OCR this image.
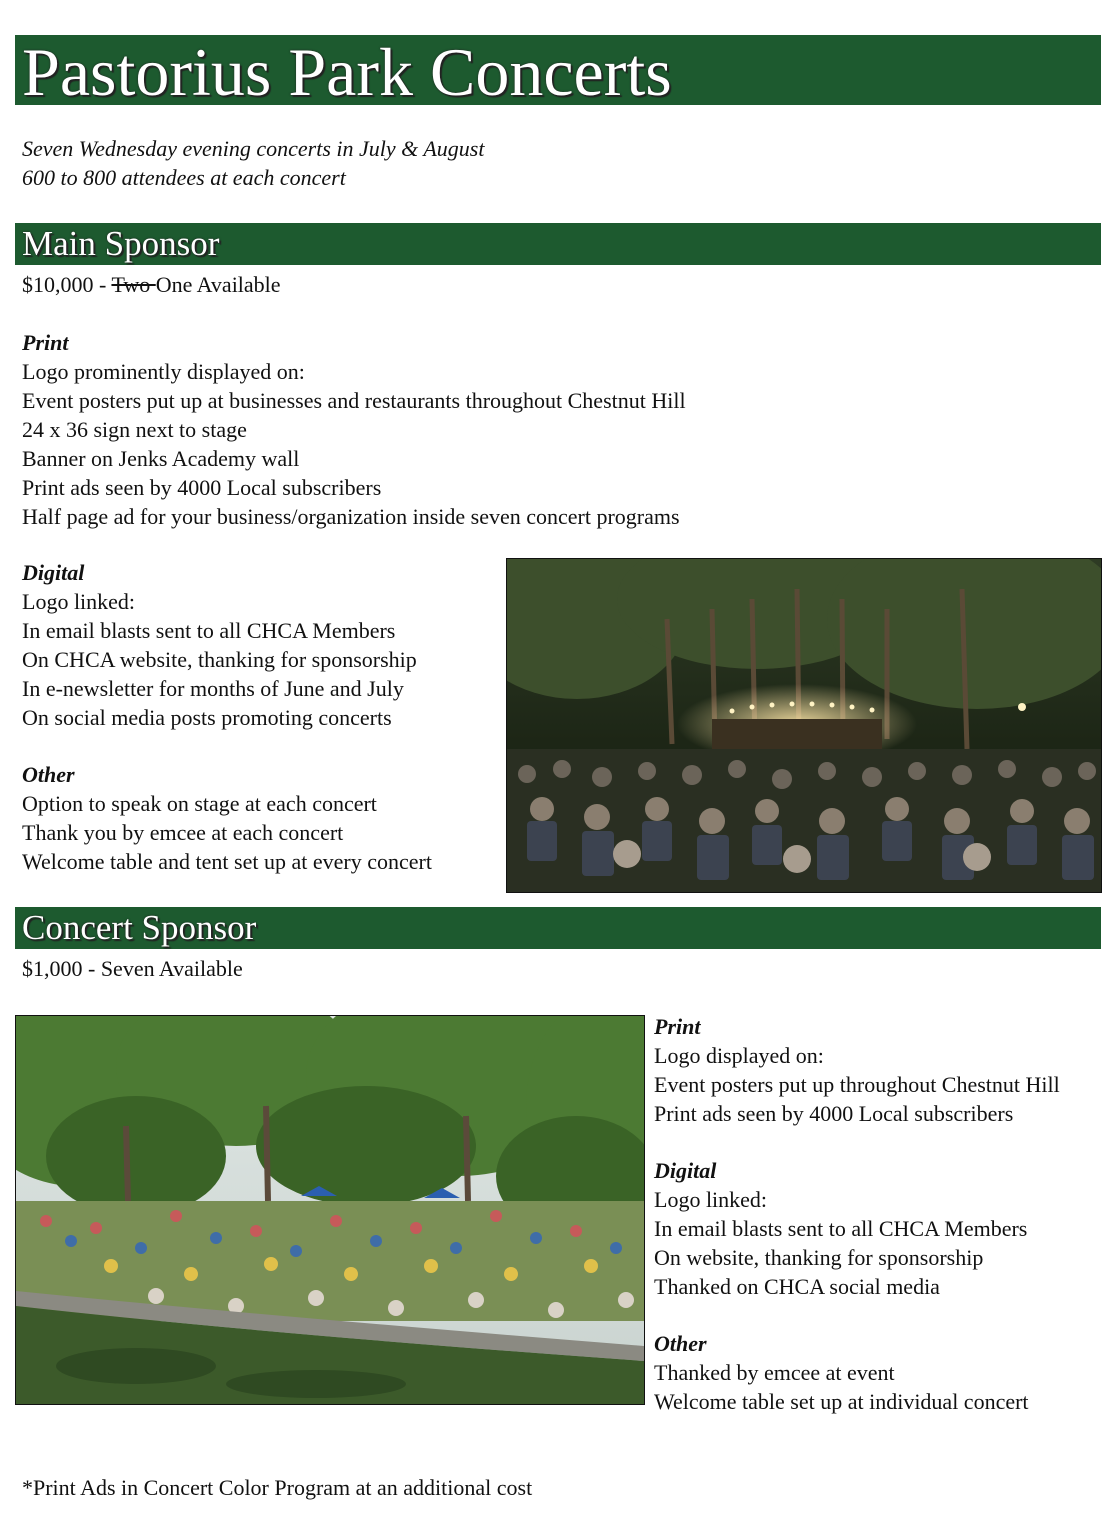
Pastorius Park Concerts
Seven Wednesday evening concerts in July & August
600 to 800 attendees at each concert
Main Sponsor
$10,000 - Two One Available
Print
Logo prominently displayed on:
Event posters put up at businesses and restaurants throughout Chestnut Hill
24 x 36 sign next to stage
Banner on Jenks Academy wall
Print ads seen by 4000 Local subscribers
Half page ad for your business/organization inside seven concert programs
Digital
Logo linked:
In email blasts sent to all CHCA Members
On CHCA website, thanking for sponsorship
In e-newsletter for months of June and July
On social media posts promoting concerts
Other
Option to speak on stage at each concert
Thank you by emcee at each concert
Welcome table and tent set up at every concert
Concert Sponsor
$1,000 - Seven Available
Print
Logo displayed on:
Event posters put up throughout Chestnut Hill
Print ads seen by 4000 Local subscribers
Digital
Logo linked:
In email blasts sent to all CHCA Members
On website, thanking for sponsorship
Thanked on CHCA social media
Other
Thanked by emcee at event
Welcome table set up at individual concert
*Print Ads in Concert Color Program at an additional cost
